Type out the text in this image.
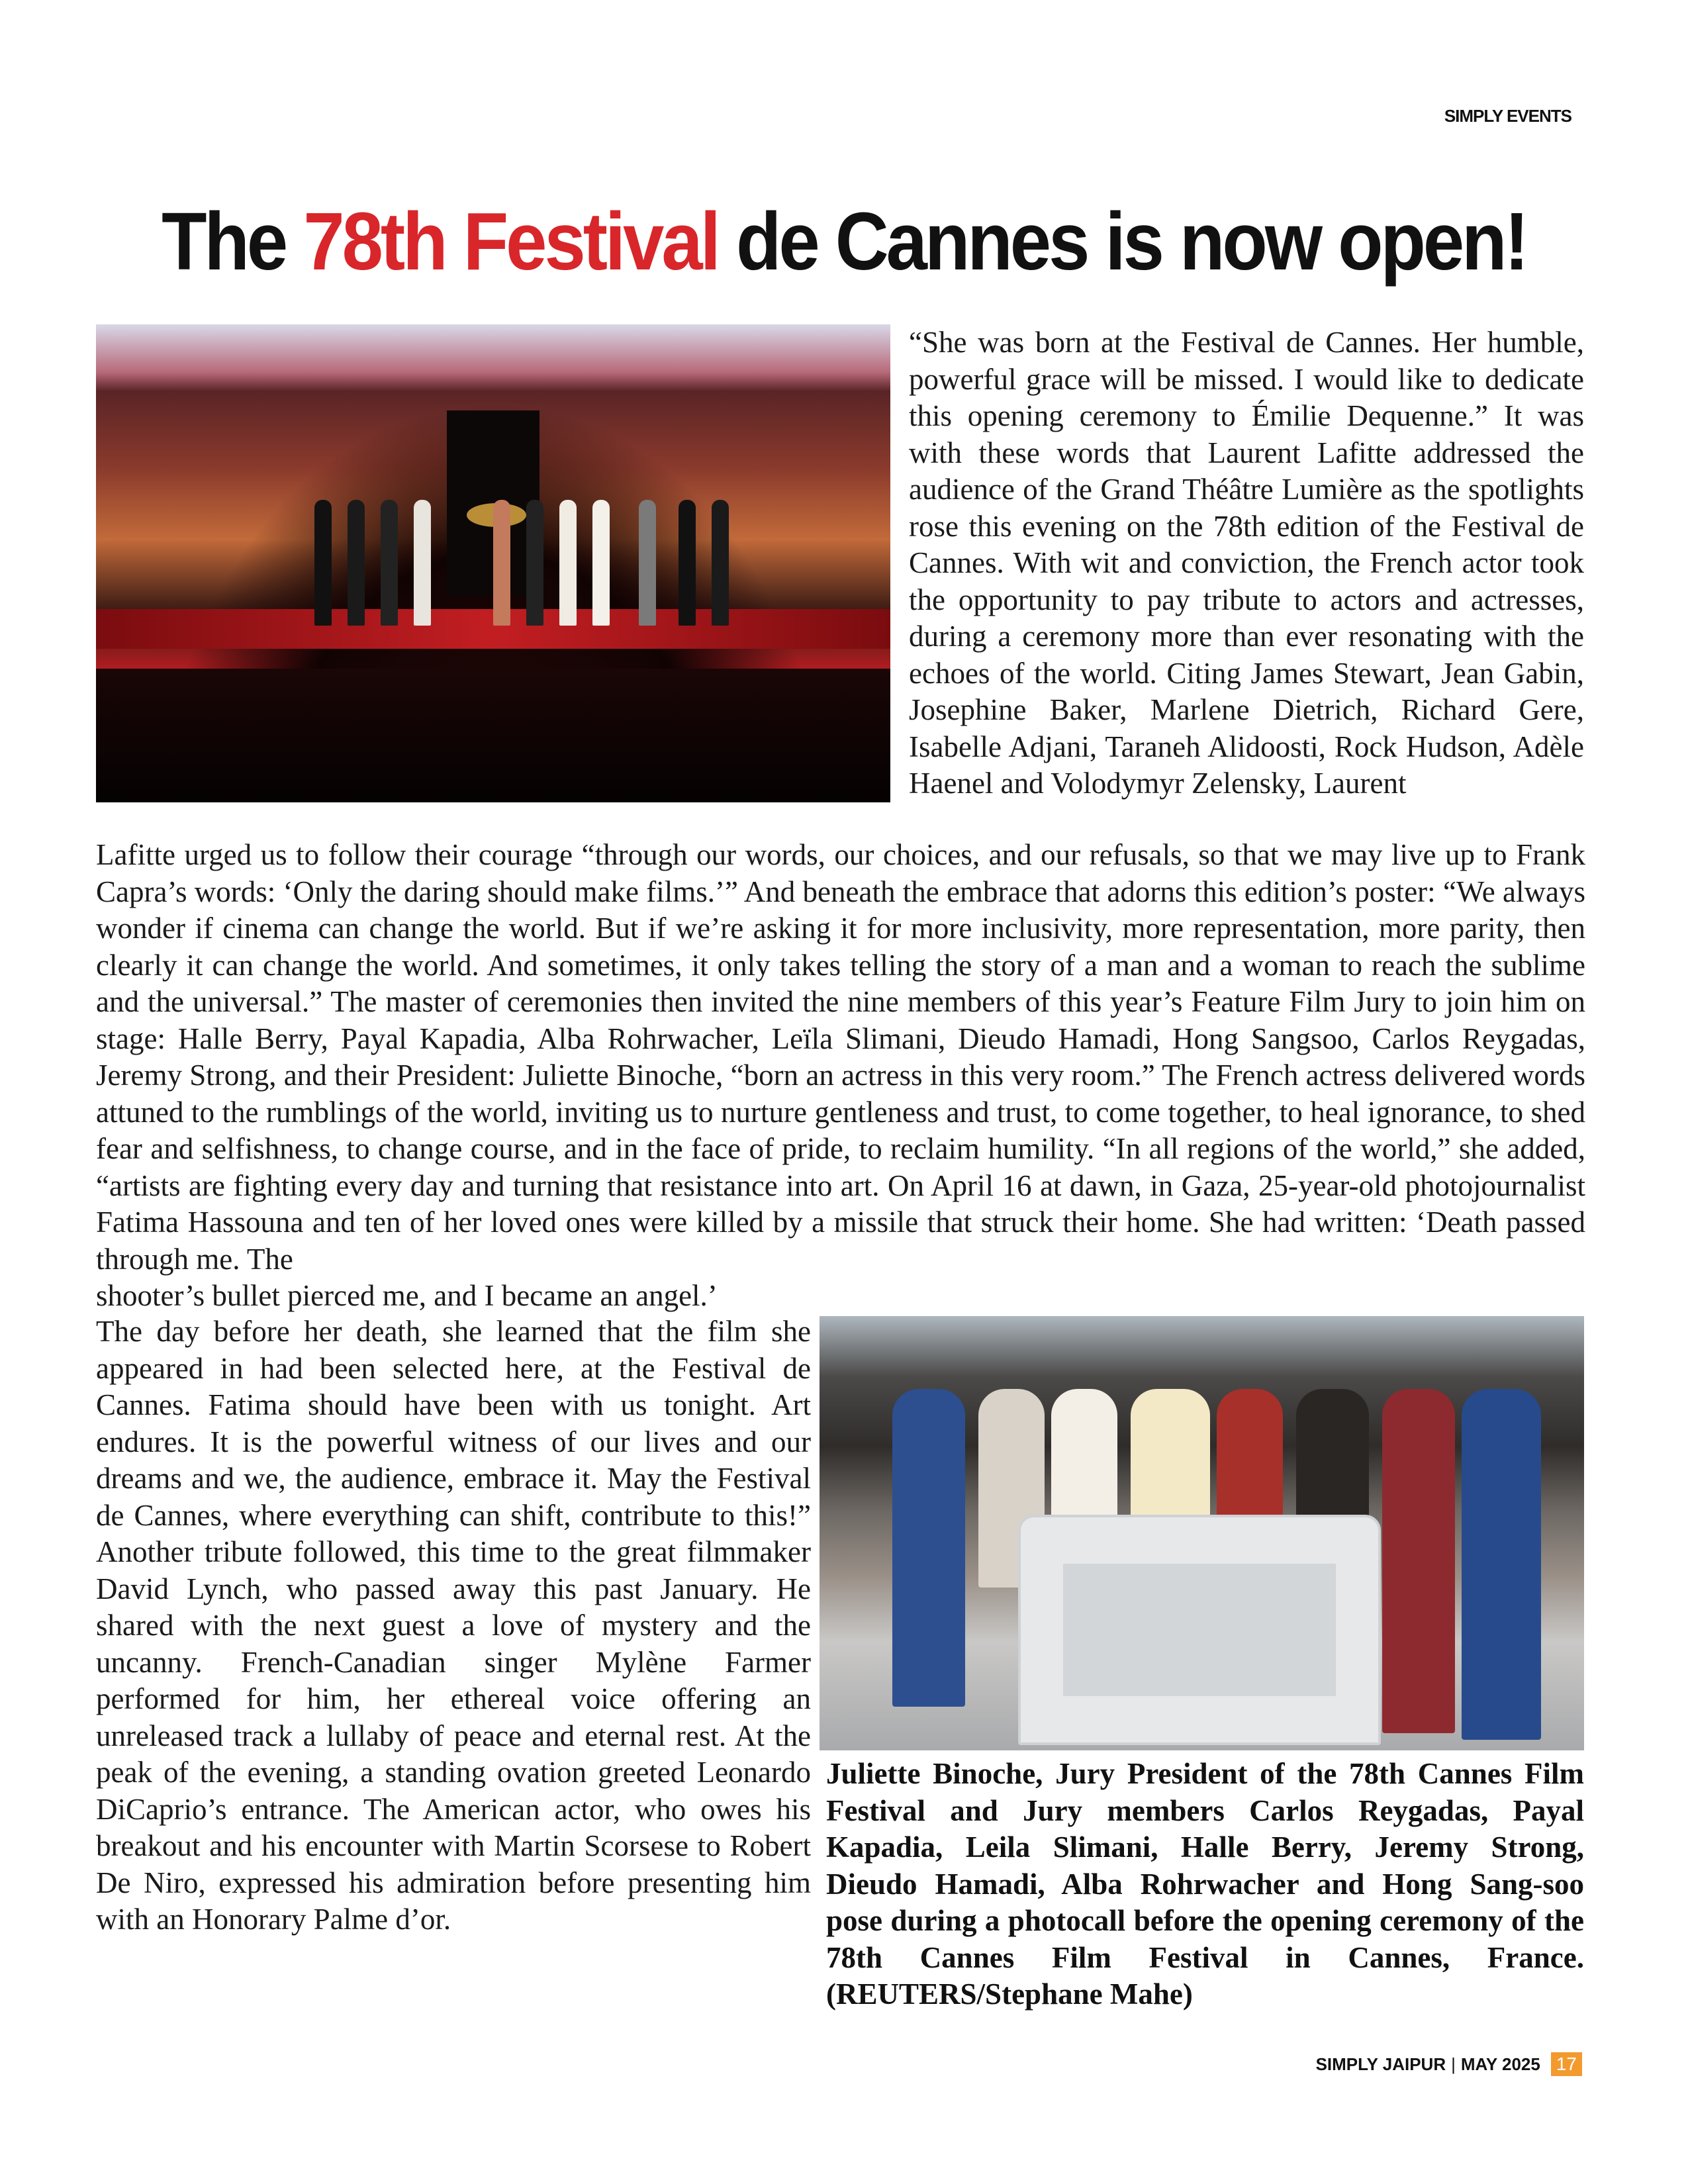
SIMPLY EVENTS
The 78th Festival de Cannes is now open!

“She was born at the Festival de Cannes. Her humble, powerful grace will be missed. I would like to dedicate this opening ceremony to Émilie Dequenne.” It was with these words that Laurent Lafitte addressed the audience of the Grand Théâtre Lumière as the spotlights rose this evening on the 78th edition of the Festival de Cannes. With wit and conviction, the French actor took the opportunity to pay tribute to actors and actresses, during a ceremony more than ever resonating with the echoes of the world. Citing James Stewart, Jean Gabin, Josephine Baker, Marlene Dietrich, Richard Gere, Isabelle Adjani, Taraneh Alidoosti, Rock Hudson, Adèle Haenel and Volodymyr Zelensky, Laurent

Lafitte urged us to follow their courage “through our words, our choices, and our refusals, so that we may live up to Frank Capra’s words: ‘Only the daring should make films.’” And beneath the embrace that adorns this edition’s poster: “We always wonder if cinema can change the world. But if we’re asking it for more inclusivity, more representation, more parity, then clearly it can change the world. And sometimes, it only takes telling the story of a man and a woman to reach the sublime and the universal.” The master of ceremonies then invited the nine members of this year’s Feature Film Jury to join him on stage: Halle Berry, Payal Kapadia, Alba Rohrwacher, Leïla Slimani, Dieudo Hamadi, Hong Sangsoo, Carlos Reygadas, Jeremy Strong, and their President: Juliette Binoche, “born an actress in this very room.” The French actress delivered words attuned to the rumblings of the world, inviting us to nurture gentleness and trust, to come together, to heal ignorance, to shed fear and selfishness, to change course, and in the face of pride, to reclaim humility. “In all regions of the world,” she added, “artists are fighting every day and turning that resistance into art. On April 16 at dawn, in Gaza, 25-year-old photojournalist Fatima Hassouna and ten of her loved ones were killed by a missile that struck their home. She had written: ‘Death passed through me. The

shooter’s bullet pierced me, and I became an angel.’

The day before her death, she learned that the film she appeared in had been selected here, at the Festival de Cannes. Fatima should have been with us tonight. Art endures. It is the powerful witness of our lives and our dreams and we, the audience, embrace it. May the Festival de Cannes, where everything can shift, contribute to this!” Another tribute followed, this time to the great filmmaker David Lynch, who passed away this past January. He shared with the next guest a love of mystery and the uncanny. French-Canadian singer Mylène Farmer performed for him, her ethereal voice offering an unreleased track a lullaby of peace and eternal rest. At the peak of the evening, a standing ovation greeted Leonardo DiCaprio’s entrance. The American actor, who owes his breakout and his encounter with Martin Scorsese to Robert De Niro, expressed his admiration before presenting him with an Honorary Palme d’or.

Juliette Binoche, Jury President of the 78th Cannes Film Festival and Jury members Carlos Reygadas, Payal Kapadia, Leila Slimani, Halle Berry, Jeremy Strong, Dieudo Hamadi, Alba Rohrwacher and Hong Sang-soo pose during a photocall before the opening ceremony of the 78th Cannes Film Festival in Cannes, France.(REUTERS/Stephane Mahe)

SIMPLY JAIPUR | MAY 2025 17
